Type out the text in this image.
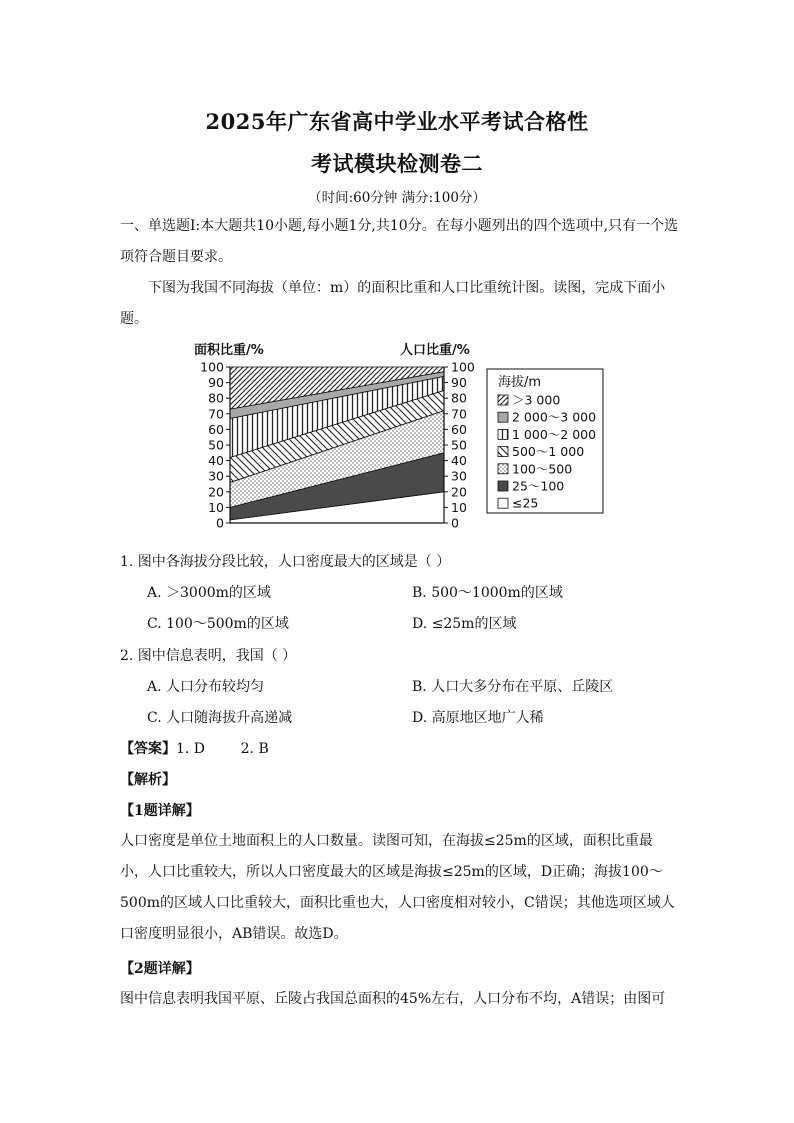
2025年广东省高中学业水平考试合格性
考试模块检测卷二
（时间:60分钟 满分:100分）

一、单选题Ⅰ:本大题共10小题,每小题1分,共10分。在每小题列出的四个选项中,只有一个选项符合题目要求。

下图为我国不同海拔（单位：m）的面积比重和人口比重统计图。读图，完成下面小题。

面积比重/%	人口比重/%
0	0
10	10
20	20
30	30
40	40
50	50
60	60
70	70
80	80
90	90
100	100
海拔/m
＞3 000
2 000～3 000
1 000～2 000
500～1 000
100～500
25～100
≤25
1. 图中各海拔分段比较，人口密度最大的区域是（ ）
A. ＞3000m的区域	B. 500～1000m的区域
C. 100～500m的区域	D. ≤25m的区域
2. 图中信息表明，我国（ ）
A. 人口分布较均匀	B. 人口大多分布在平原、丘陵区
C. 人口随海拔升高递减	D. 高原地区地广人稀
【答案】1. D        2. B
【解析】
【1题详解】

人口密度是单位土地面积上的人口数量。读图可知，在海拔≤25m的区域，面积比重最小，人口比重较大，所以人口密度最大的区域是海拔≤25m的区域，D正确；海拔100～500m的区域人口比重较大，面积比重也大，人口密度相对较小，C错误；其他选项区域人口密度明显很小，AB错误。故选D。

【2题详解】

图中信息表明我国平原、丘陵占我国总面积的45%左右，人口分布不均，A错误；由图可
